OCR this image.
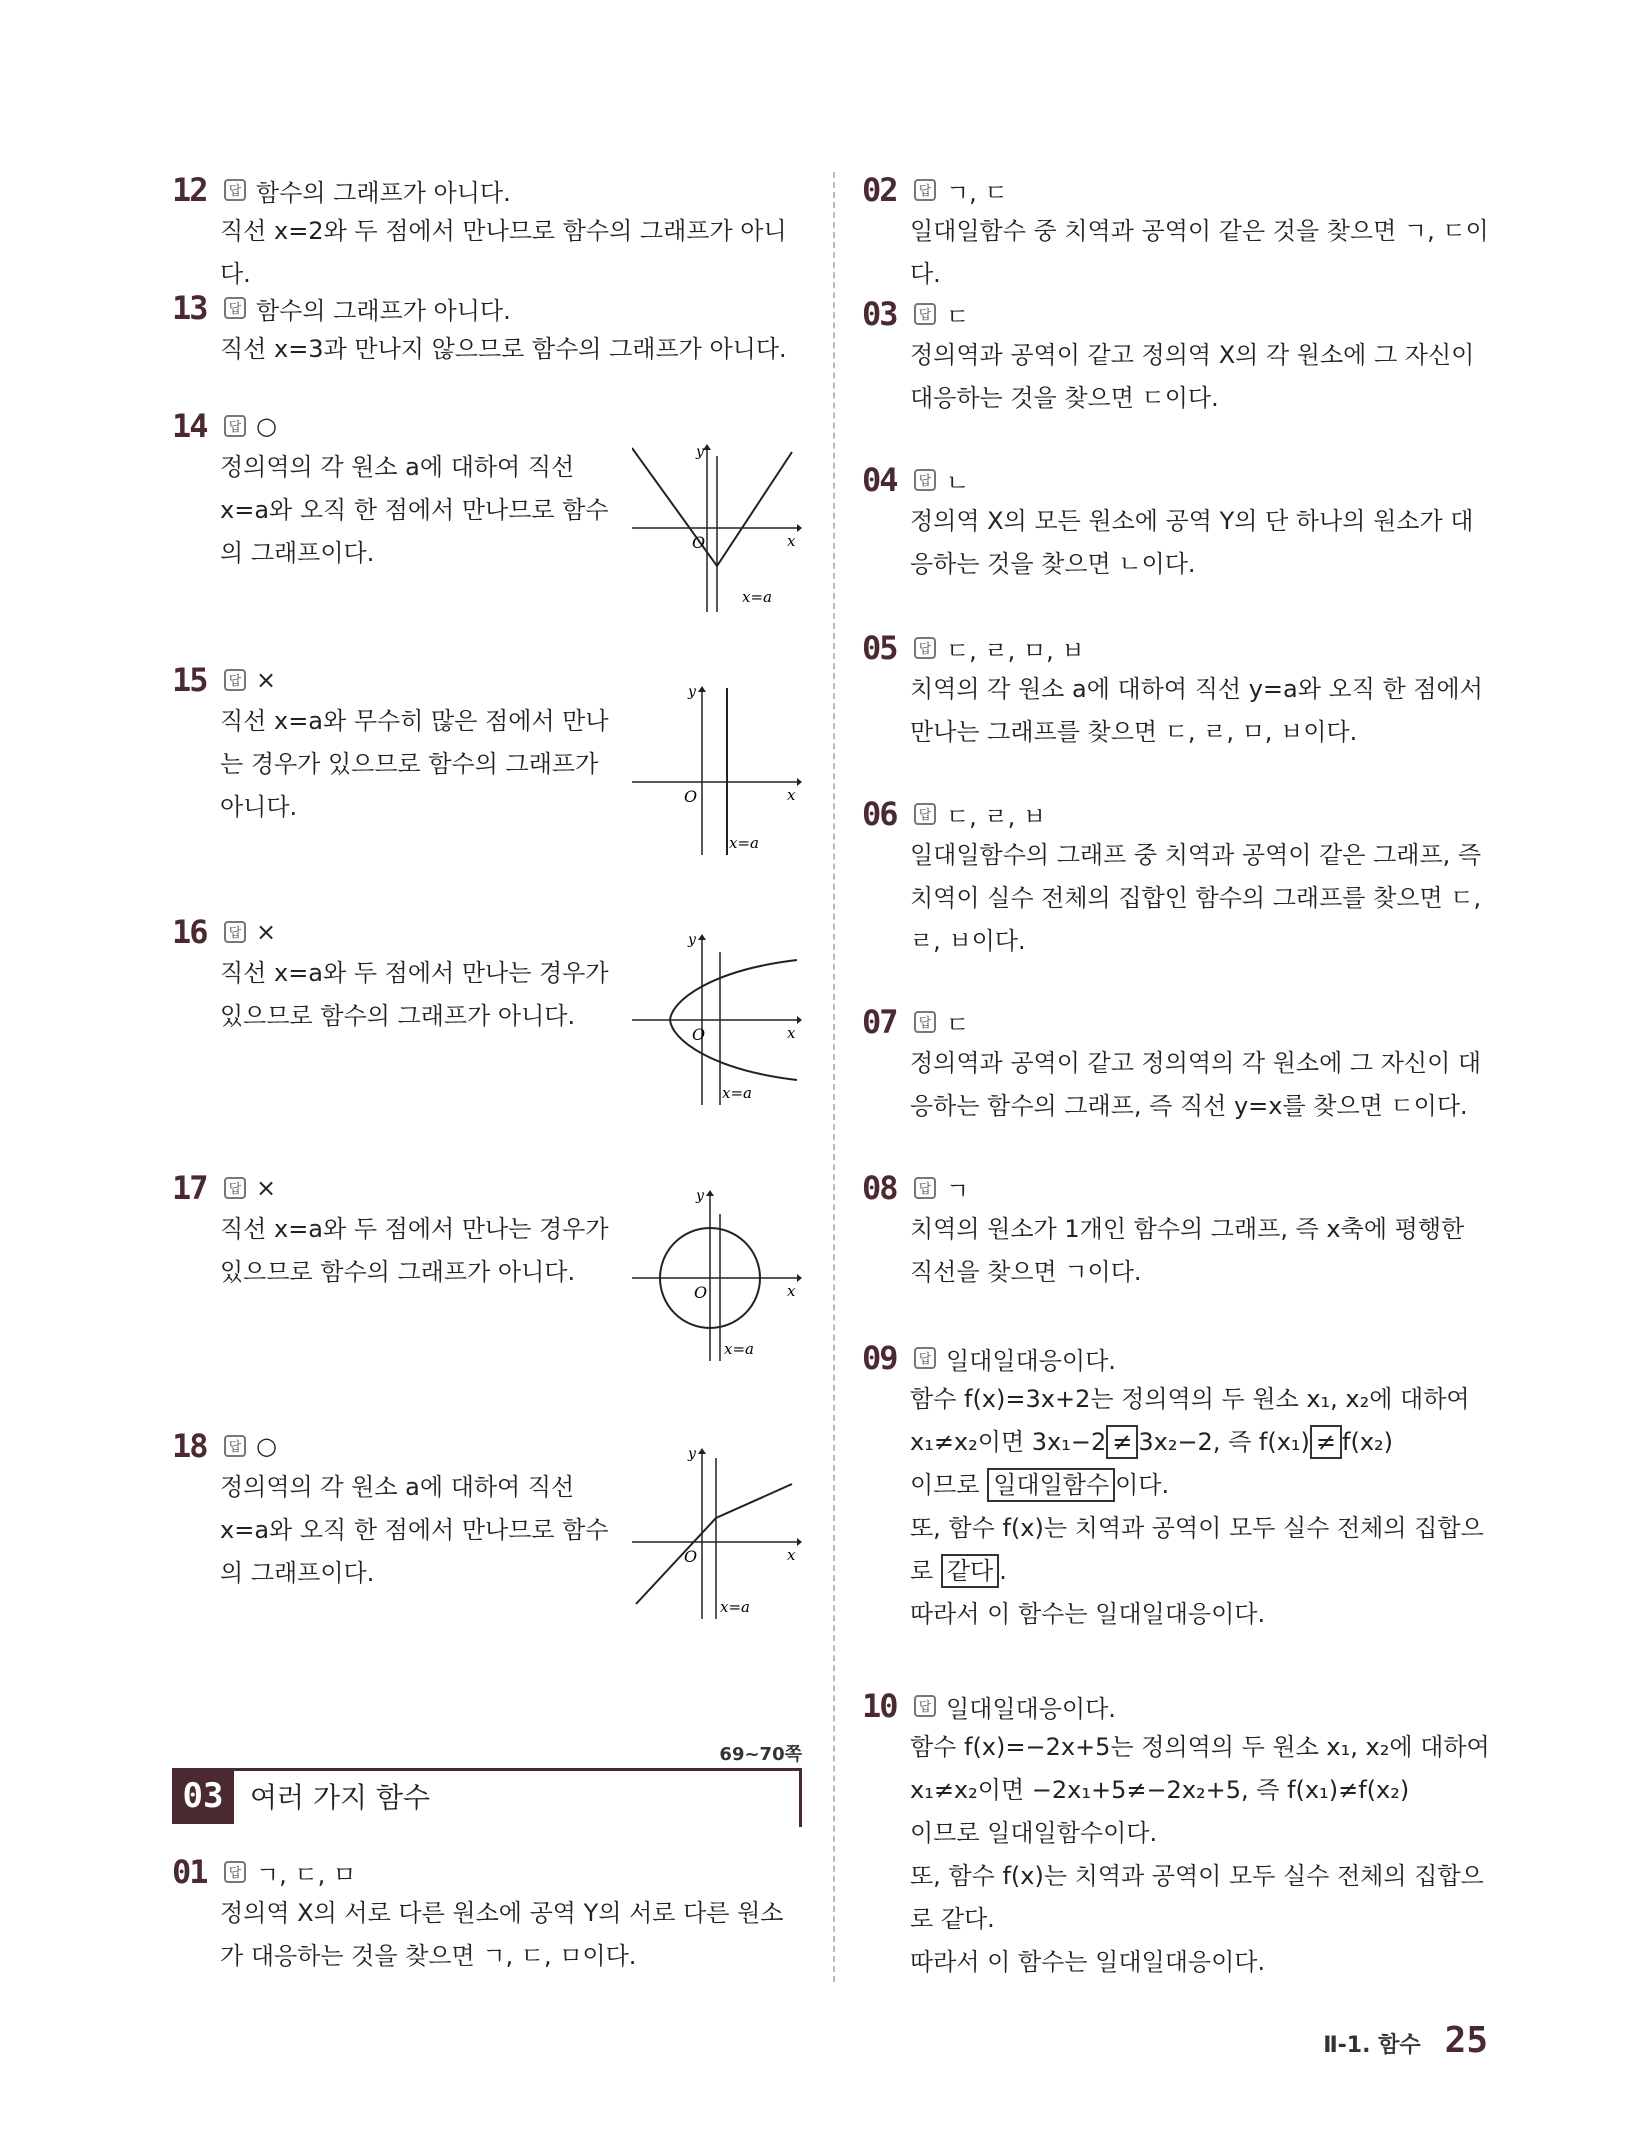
12	답 함수의 그래프가 아니다.
직선 x=2와 두 점에서 만나므로 함수의 그래프가 아니다.
13	답 함수의 그래프가 아니다.
직선 x=3과 만나지 않으므로 함수의 그래프가 아니다.
14	답 ○
정의역의 각 원소 a에 대하여 직선 x=a와 오직 한 점에서 만나므로 함수의 그래프이다.
y
x
O
x=a
15	답 ×
직선 x=a와 무수히 많은 점에서 만나는 경우가 있으므로 함수의 그래프가 아니다.
y
x
O
x=a
16	답 ×
직선 x=a와 두 점에서 만나는 경우가 있으므로 함수의 그래프가 아니다.
y
x
O
x=a
17	답 ×
직선 x=a와 두 점에서 만나는 경우가 있으므로 함수의 그래프가 아니다.
y
x
O
x=a
18	답 ○
정의역의 각 원소 a에 대하여 직선 x=a와 오직 한 점에서 만나므로 함수의 그래프이다.
y
x
O
x=a
69~70쪽
03 여러 가지 함수
01	답 ㄱ, ㄷ, ㅁ
정의역 X의 서로 다른 원소에 공역 Y의 서로 다른 원소가 대응하는 것을 찾으면 ㄱ, ㄷ, ㅁ이다.
02	답 ㄱ, ㄷ
일대일함수 중 치역과 공역이 같은 것을 찾으면 ㄱ, ㄷ이다.
03	답 ㄷ
정의역과 공역이 같고 정의역 X의 각 원소에 그 자신이 대응하는 것을 찾으면 ㄷ이다.
04	답 ㄴ
정의역 X의 모든 원소에 공역 Y의 단 하나의 원소가 대응하는 것을 찾으면 ㄴ이다.
05	답 ㄷ, ㄹ, ㅁ, ㅂ
치역의 각 원소 a에 대하여 직선 y=a와 오직 한 점에서 만나는 그래프를 찾으면 ㄷ, ㄹ, ㅁ, ㅂ이다.
06	답 ㄷ, ㄹ, ㅂ
일대일함수의 그래프 중 치역과 공역이 같은 그래프, 즉 치역이 실수 전체의 집합인 함수의 그래프를 찾으면 ㄷ, ㄹ, ㅂ이다.
07	답 ㄷ
정의역과 공역이 같고 정의역의 각 원소에 그 자신이 대응하는 함수의 그래프, 즉 직선 y=x를 찾으면 ㄷ이다.
08	답 ㄱ
치역의 원소가 1개인 함수의 그래프, 즉 x축에 평행한 직선을 찾으면 ㄱ이다.
09	답 일대일대응이다.
함수 f(x)=3x+2는 정의역의 두 원소 x₁, x₂에 대하여
x₁≠x₂이면 3x₁−2 ≠ 3x₂−2, 즉 f(x₁) ≠ f(x₂)
이므로 일대일함수 이다.
또, 함수 f(x)는 치역과 공역이 모두 실수 전체의 집합으
로 같다 .
따라서 이 함수는 일대일대응이다.
10	답 일대일대응이다.
함수 f(x)=−2x+5는 정의역의 두 원소 x₁, x₂에 대하여
x₁≠x₂이면 −2x₁+5≠−2x₂+5, 즉 f(x₁)≠f(x₂)
이므로 일대일함수이다.
또, 함수 f(x)는 치역과 공역이 모두 실수 전체의 집합으
로 같다.
따라서 이 함수는 일대일대응이다.
Ⅱ-1. 함수 25
